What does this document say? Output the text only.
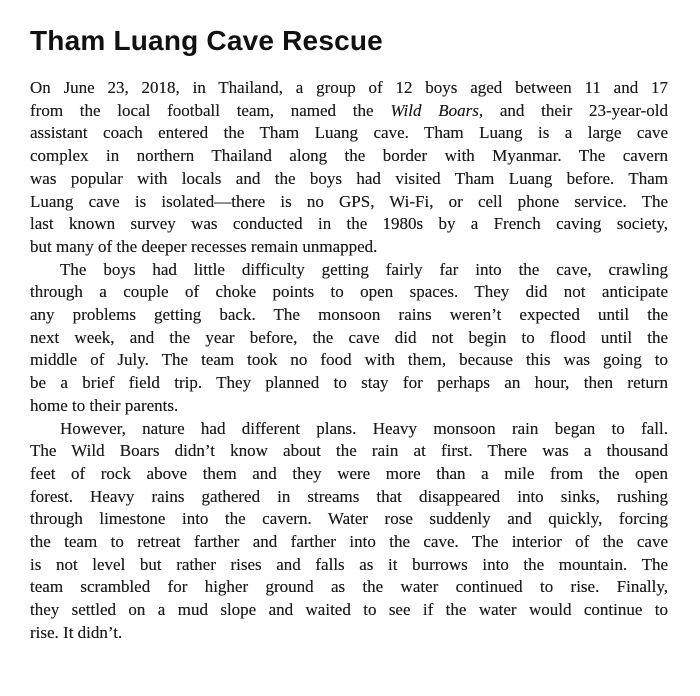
Tham Luang Cave Rescue
On June 23, 2018, in Thailand, a group of 12 boys aged between 11 and 17
from the local football team, named the Wild Boars, and their 23-year-old
assistant coach entered the Tham Luang cave. Tham Luang is a large cave
complex in northern Thailand along the border with Myanmar. The cavern
was popular with locals and the boys had visited Tham Luang before. Tham
Luang cave is isolated—there is no GPS, Wi-Fi, or cell phone service. The
last known survey was conducted in the 1980s by a French caving society,
but many of the deeper recesses remain unmapped.
The boys had little difficulty getting fairly far into the cave, crawling
through a couple of choke points to open spaces. They did not anticipate
any problems getting back. The monsoon rains weren’t expected until the
next week, and the year before, the cave did not begin to flood until the
middle of July. The team took no food with them, because this was going to
be a brief field trip. They planned to stay for perhaps an hour, then return
home to their parents.
However, nature had different plans. Heavy monsoon rain began to fall.
The Wild Boars didn’t know about the rain at first. There was a thousand
feet of rock above them and they were more than a mile from the open
forest. Heavy rains gathered in streams that disappeared into sinks, rushing
through limestone into the cavern. Water rose suddenly and quickly, forcing
the team to retreat farther and farther into the cave. The interior of the cave
is not level but rather rises and falls as it burrows into the mountain. The
team scrambled for higher ground as the water continued to rise. Finally,
they settled on a mud slope and waited to see if the water would continue to
rise. It didn’t.
